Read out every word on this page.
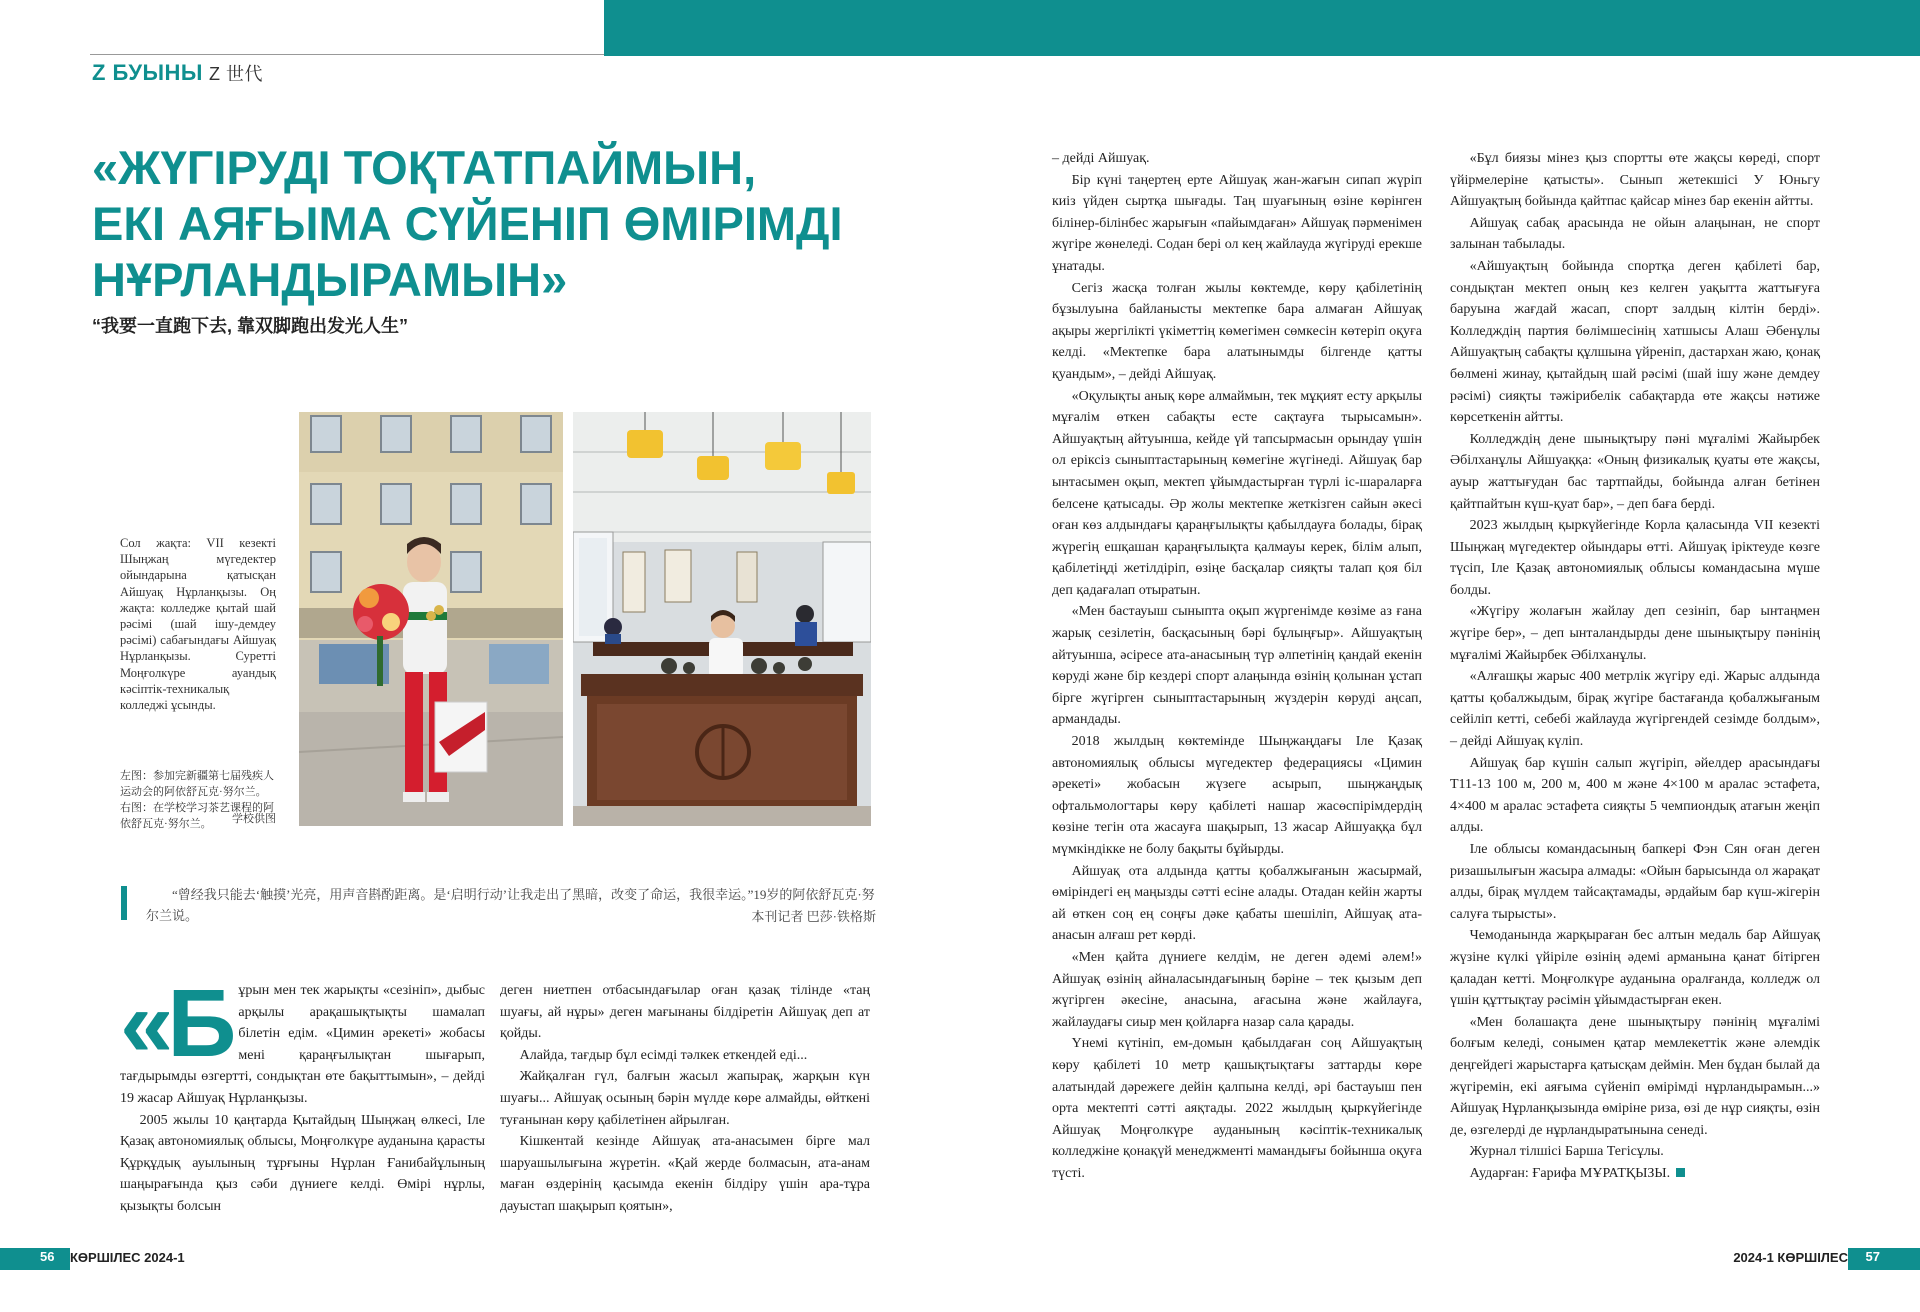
Z БУЫНЫ Z 世代
«ЖҮГІРУДІ ТОҚТАТПАЙМЫН,
ЕКІ АЯҒЫМА СҮЙЕНІП ӨМІРІМДІ
НҰРЛАНДЫРАМЫН»
“我要一直跑下去, 靠双脚跑出发光人生”
Сол жақта: VII кезекті Шыңжаң мүгедектер ойындарына қатысқан Айшуақ Нұрланқызы. Оң жақта: колледже қытай шай рәсімі (шай ішу-демдеу рәсімі) сабағындағы Айшуақ Нұрланқызы. Суретті Моңғолкүре ауандық кәсіптік-техникалық колледжі ұсынды.
左图：参加完新疆第七届残疾人运动会的阿依舒瓦克·努尔兰。右图：在学校学习茶艺课程的阿依舒瓦克·努尔兰。	学校供图
“曾经我只能去‘触摸’光亮，用声音斟酌距离。是‘启明行动’让我走出了黑暗，改变了命运，我很幸运。”19岁的阿依舒瓦克·努尔兰说。	本刊记者 巴莎·铁格斯
«Б ұрын мен тек жарықты «сезініп», дыбыс арқылы арақашықтықты шамалап білетін едім. «Цимин әрекеті» жобасы мені қараңғылықтан шығарып, тағдырымды өзгертті, сондықтан өте бақыттымын», – дейді 19 жасар Айшуақ Нұрланқызы.

2005 жылы 10 қаңтарда Қытайдың Шыңжаң өлкесі, Іле Қазақ автономиялық облысы, Моңғолкүре ауданына қарасты Құрқұдық ауылының тұрғыны Нұрлан Ғанибайұлының шаңырағында қыз сәби дүниеге келді. Өмірі нұрлы, қызықты болсын

деген ниетпен отбасындағылар оған қазақ тілінде «таң шуағы, ай нұры» деген мағынаны білдіретін Айшуақ деп ат қойды.

Алайда, тағдыр бұл есімді тәлкек еткендей еді...

Жайқалған гүл, балғын жасыл жапырақ, жарқын күн шуағы... Айшуақ осының бәрін мүлде көре алмайды, өйткені туғанынан көру қабілетінен айрылған.

Кішкентай кезінде Айшуақ ата-анасымен бірге мал шаруашылығына жүретін. «Қай жерде болмасын, ата-анам маған өздерінің қасымда екенін білдіру үшін ара-тұра дауыстап шақырып қоятын»,

– дейді Айшуақ.

Бір күні таңертең ерте Айшуақ жан-жағын сипап жүріп киіз үйден сыртқа шығады. Таң шуағының өзіне көрінген білінер-білінбес жарығын «пайымдаған» Айшуақ пәрменімен жүгіре жөнеледі. Содан бері ол кең жайлауда жүгіруді ерекше ұнатады.

Сегіз жасқа толған жылы көктемде, көру қабілетінің бұзылуына байланысты мектепке бара алмаған Айшуақ ақыры жергілікті үкіметтің көмегімен сөмкесін көтеріп оқуға келді. «Мектепке бара алатынымды білгенде қатты қуандым», – дейді Айшуақ.

«Оқулықты анық көре алмаймын, тек мұқият есту арқылы мұғалім өткен сабақты есте сақтауға тырысамын». Айшуақтың айтуынша, кейде үй тапсырмасын орындау үшін ол еріксіз сыныптастарының көмегіне жүгінеді. Айшуақ бар ынтасымен оқып, мектеп ұйымдастырған түрлі іс-шараларға белсене қатысады. Әр жолы мектепке жеткізген сайын әкесі оған көз алдындағы қараңғылықты қабылдауға болады, бірақ жүрегің ешқашан қараңғылықта қалмауы керек, білім алып, қабілетіңді жетілдіріп, өзіңе басқалар сияқты талап қоя біл деп қадағалап отыратын.

«Мен бастауыш сыныпта оқып жүргенімде көзіме аз ғана жарық сезілетін, басқасының бәрі бұлыңғыр». Айшуақтың айтуынша, әсіресе ата-анасының түр әлпетінің қандай екенін көруді және бір кездері спорт алаңында өзінің қолынан ұстап бірге жүгірген сыныптастарының жүздерін көруді аңсап, армандады.

2018 жылдың көктемінде Шыңжаңдағы Іле Қазақ автономиялық облысы мүгедектер федерациясы «Цимин әрекеті» жобасын жүзеге асырып, шыңжаңдық офтальмологтары көру қабілеті нашар жасөспірімдердің көзіне тегін ота жасауға шақырып, 13 жасар Айшуаққа бұл мүмкіндікке не болу бақыты бұйырды.

Айшуақ ота алдында қатты қобалжығанын жасырмай, өміріндегі ең маңызды сәтті есіне алады. Отадан кейін жарты ай өткен соң ең соңғы дәке қабаты шешіліп, Айшуақ ата-анасын алғаш рет көрді.

«Мен қайта дүниеге келдім, не деген әдемі әлем!» Айшуақ өзінің айналасындағының бәріне – тек қызым деп жүгірген әкесіне, анасына, ағасына және жайлауға, жайлаудағы сиыр мен қойларға назар сала қарады.

Үнемі күтініп, ем-домын қабылдаған соң Айшуақтың көру қабілеті 10 метр қашықтықтағы заттарды көре алатындай дәрежеге дейін қалпына келді, әрі бастауыш пен орта мектепті сәтті аяқтады. 2022 жылдың қыркүйегінде Айшуақ Моңғолкүре ауданының кәсіптік-техникалық колледжіне қонақүй менеджменті мамандығы бойынша оқуға түсті.

«Бұл биязы мінез қыз спортты өте жақсы көреді, спорт үйірмелеріне қатысты». Сынып жетекшісі У Юньгу Айшуақтың бойында қайтпас қайсар мінез бар екенін айтты.

Айшуақ сабақ арасында не ойын алаңынан, не спорт залынан табылады.

«Айшуақтың бойында спортқа деген қабілеті бар, сондықтан мектеп оның кез келген уақытта жаттығуға баруына жағдай жасап, спорт залдың кілтін берді». Колледждің партия бөлімшесінің хатшысы Алаш Әбенұлы Айшуақтың сабақты құлшына үйреніп, дастархан жаю, қонақ бөлмені жинау, қытайдың шай рәсімі (шай ішу және демдеу рәсімі) сияқты тәжірибелік сабақтарда өте жақсы нәтиже көрсеткенін айтты.

Колледждің дене шынықтыру пәні мұғалімі Жайырбек Әбілханұлы Айшуаққа: «Оның физикалық қуаты өте жақсы, ауыр жаттығудан бас тартпайды, бойында алған бетінен қайтпайтын күш-қуат бар», – деп баға берді.

2023 жылдың қыркүйегінде Корла қаласында VII кезекті Шыңжаң мүгедектер ойындары өтті. Айшуақ іріктеуде көзге түсіп, Іле Қазақ автономиялық облысы командасына мүше болды.

«Жүгіру жолағын жайлау деп сезініп, бар ынтаңмен жүгіре бер», – деп ынталандырды дене шынықтыру пәнінің мұғалімі Жайырбек Әбілханұлы.

«Алғашқы жарыс 400 метрлік жүгіру еді. Жарыс алдында қатты қобалжыдым, бірақ жүгіре бастағанда қобалжығаным сейіліп кетті, себебі жайлауда жүгіргендей сезімде болдым», – дейді Айшуақ күліп.

Айшуақ бар күшін салып жүгіріп, әйелдер арасындағы T11-13 100 м, 200 м, 400 м және 4×100 м аралас эстафета, 4×400 м аралас эстафета сияқты 5 чемпиондық атағын жеңіп алды.

Іле облысы командасының бапкері Фэн Сян оған деген ризашылығын жасыра алмады: «Ойын барысында ол жарақат алды, бірақ мүлдем тайсақтамады, әрдайым бар күш-жігерін салуға тырысты».

Чемоданында жарқыраған бес алтын медаль бар Айшуақ жүзіне күлкі үйіріле өзінің әдемі арманына қанат бітірген қаладан кетті. Моңғолкүре ауданына оралғанда, колледж ол үшін құттықтау рәсімін ұйымдастырған екен.

«Мен болашақта дене шынықтыру пәнінің мұғалімі болғым келеді, сонымен қатар мемлекеттік және әлемдік деңгейдегі жарыстарға қатысқам деймін. Мен бұдан былай да жүгіремін, екі аяғыма сүйеніп өмірімді нұрландырамын...» Айшуақ Нұрланқызында өміріне риза, өзі де нұр сияқты, өзін де, өзгелерді де нұрландыратынына сенеді.

Журнал тілшісі Барша Тегісұлы.

Аударған: Ғарифа МҰРАТҚЫЗЫ.

56	КӨРШІЛЕС 2024-1	2024-1 КӨРШІЛЕС	57
